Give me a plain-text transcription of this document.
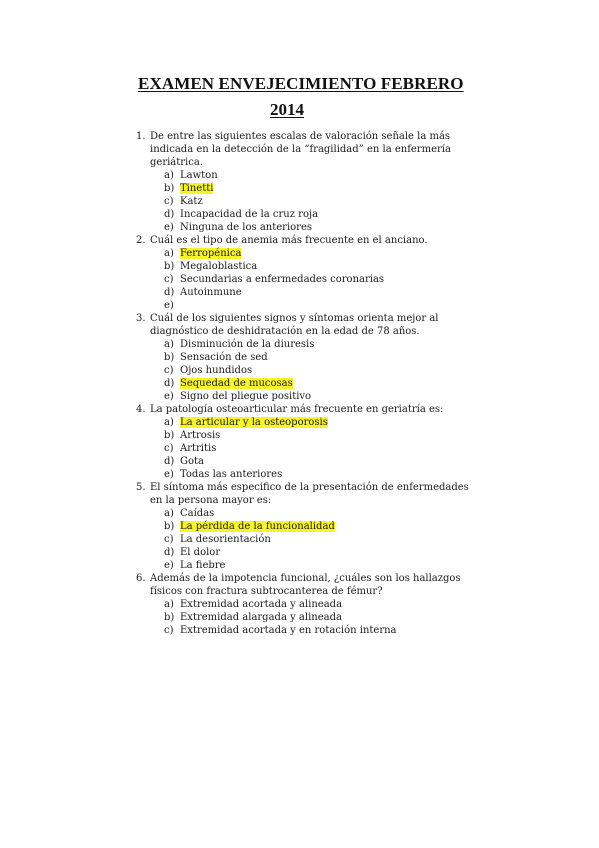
EXAMEN ENVEJECIMIENTO FEBRERO
2014
1. De entre las siguientes escalas de valoración señale la más indicada en la detección de la “fragilidad” en la enfermería geriátrica.
a) Lawton
b) Tinetti
c) Katz
d) Incapacidad de la cruz roja
e) Ninguna de los anteriores
2. Cuál es el tipo de anemia más frecuente en el anciano.
a) Ferropénica
b) Megaloblastica
c) Secundarias a enfermedades coronarias
d) Autoinmune
e)
3. Cuál de los siguientes signos y síntomas orienta mejor al diagnóstico de deshidratación en la edad de 78 años.
a) Disminución de la diuresis
b) Sensación de sed
c) Ojos hundidos
d) Sequedad de mucosas
e) Signo del pliegue positivo
4. La patología osteoarticular más frecuente en geriatría es:
a) La articular y la osteoporosis
b) Artrosis
c) Artritis
d) Gota
e) Todas las anteriores
5. El síntoma más especifico de la presentación de enfermedades en la persona mayor es:
a) Caídas
b) La pérdida de la funcionalidad
c) La desorientación
d) El dolor
e) La fiebre
6. Además de la impotencia funcional, ¿cuáles son los hallazgos físicos con fractura subtrocanterea de fémur?
a) Extremidad acortada y alineada
b) Extremidad alargada y alineada
c) Extremidad acortada y en rotación interna
